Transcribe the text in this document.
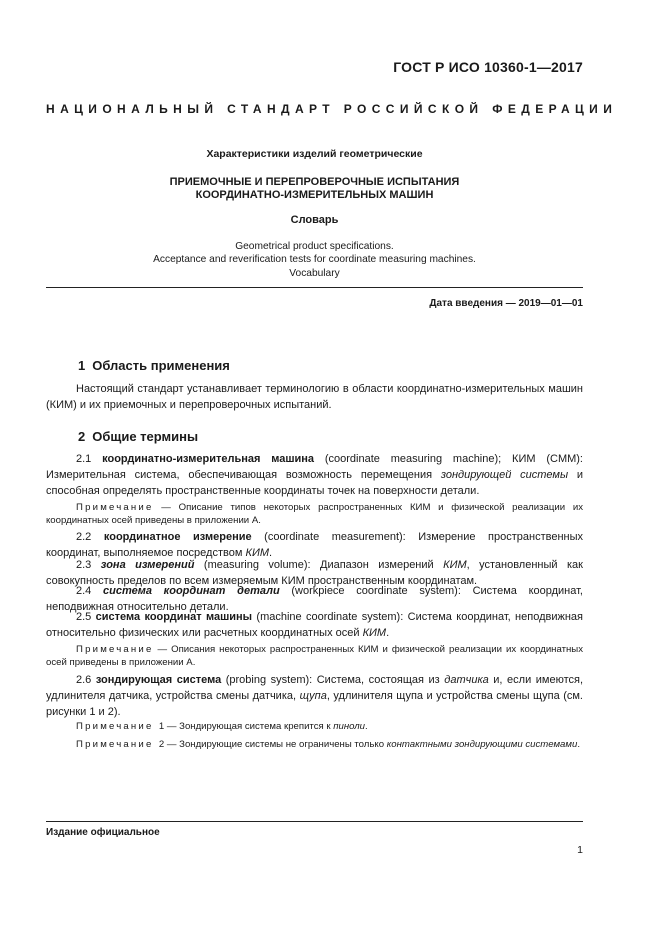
ГОСТ Р ИСО 10360-1—2017
НАЦИОНАЛЬНЫЙ СТАНДАРТ РОССИЙСКОЙ ФЕДЕРАЦИИ
Характеристики изделий геометрические
ПРИЕМОЧНЫЕ И ПЕРЕПРОВЕРОЧНЫЕ ИСПЫТАНИЯ
КООРДИНАТНО-ИЗМЕРИТЕЛЬНЫХ МАШИН
Словарь
Geometrical product specifications.
Acceptance and reverification tests for coordinate measuring machines.
Vocabulary
Дата введения — 2019—01—01
1 Область применения
Настоящий стандарт устанавливает терминологию в области координатно-измерительных машин (КИМ) и их приемочных и перепроверочных испытаний.
2 Общие термины
2.1 координатно-измерительная машина (coordinate measuring machine); КИМ (CMM): Измерительная система, обеспечивающая возможность перемещения зондирующей системы и способная определять пространственные координаты точек на поверхности детали.
Примечание — Описание типов некоторых распространенных КИМ и физической реализации их координатных осей приведены в приложении А.
2.2 координатное измерение (coordinate measurement): Измерение пространственных координат, выполняемое посредством КИМ.
2.3 зона измерений (measuring volume): Диапазон измерений КИМ, установленный как совокупность пределов по всем измеряемым КИМ пространственным координатам.
2.4 система координат детали (workpiece coordinate system): Система координат, неподвижная относительно детали.
2.5 система координат машины (machine coordinate system): Система координат, неподвижная относительно физических или расчетных координатных осей КИМ.
Примечание — Описания некоторых распространенных КИМ и физической реализации их координатных осей приведены в приложении А.
2.6 зондирующая система (probing system): Система, состоящая из датчика и, если имеются, удлинителя датчика, устройства смены датчика, щупа, удлинителя щупа и устройства смены щупа (см. рисунки 1 и 2).
Примечание 1 — Зондирующая система крепится к пиноли.
Примечание 2 — Зондирующие системы не ограничены только контактными зондирующими системами.
Издание официальное
1
